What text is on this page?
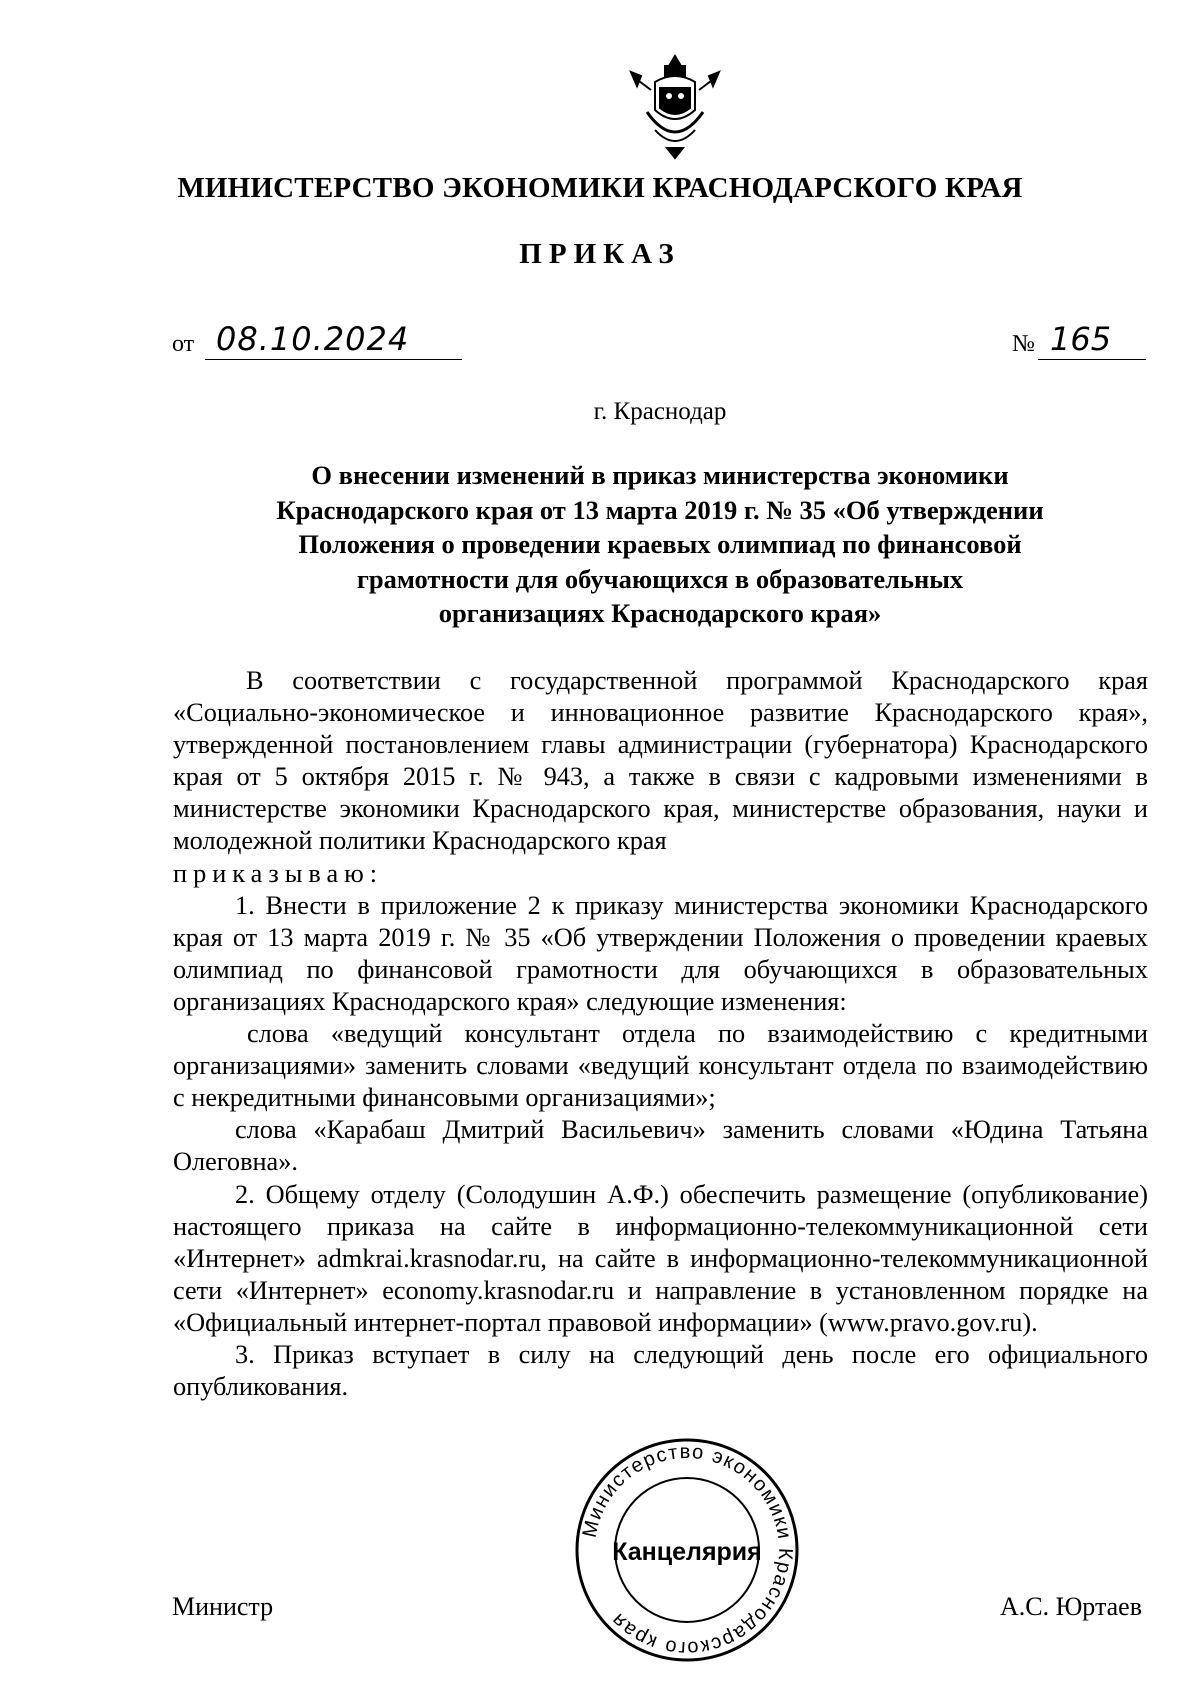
МИНИСТЕРСТВО ЭКОНОМИКИ КРАСНОДАРСКОГО КРАЯ
ПРИКАЗ
от 08.10.2024	№ 165
г. Краснодар
О внесении изменений в приказ министерства экономики
Краснодарского края от 13 марта 2019 г. № 35 «Об утверждении
Положения о проведении краевых олимпиад по финансовой
грамотности для обучающихся в образовательных
организациях Краснодарского края»

В соответствии с государственной программой Краснодарского края «Социально-экономическое и инновационное развитие Краснодарского края», утвержденной постановлением главы администрации (губернатора) Краснодарского края от 5 октября 2015 г. № 943, а также в связи с кадровыми изменениями в министерстве экономики Краснодарского края, министерстве образования, науки и молодежной политики Краснодарского края

приказываю:

1. Внести в приложение 2 к приказу министерства экономики Краснодарского края от 13 марта 2019 г. № 35 «Об утверждении Положения о проведении краевых олимпиад по финансовой грамотности для обучающихся в образовательных организациях Краснодарского края» следующие изменения:

слова «ведущий консультант отдела по взаимодействию с кредитными организациями» заменить словами «ведущий консультант отдела по взаимодействию с некредитными финансовыми организациями»;

слова «Карабаш Дмитрий Васильевич» заменить словами «Юдина Татьяна Олеговна».

2. Общему отделу (Солодушин А.Ф.) обеспечить размещение (опубликование) настоящего приказа на сайте в информационно-телекоммуникационной сети «Интернет» admkrai.krasnodar.ru, на сайте в информационно-телекоммуникационной сети «Интернет» economy.krasnodar.ru и направление в установленном порядке на «Официальный интернет-портал правовой информации» (www.pravo.gov.ru).

3. Приказ вступает в силу на следующий день после его официального опубликования.

Министерство экономики Краснодарского края
Канцелярия
Министр	А.С. Юртаев
